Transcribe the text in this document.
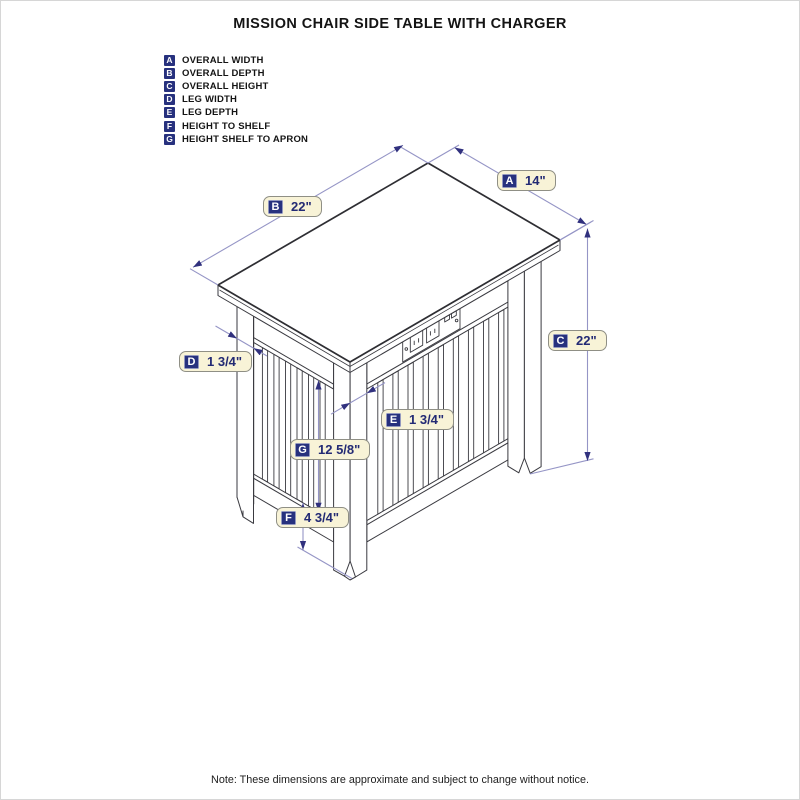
MISSION CHAIR SIDE TABLE WITH CHARGER
A OVERALL WIDTH
B OVERALL DEPTH
C OVERALL HEIGHT
D LEG WIDTH
E LEG DEPTH
F	HEIGHT TO SHELF
G HEIGHT SHELF TO APRON
A 14"
B 22"
C 22"
D 1 3/4"
E 1 3/4"
G 12 5/8"
F 4 3/4"
Note: These dimensions are approximate and subject to change without notice.
